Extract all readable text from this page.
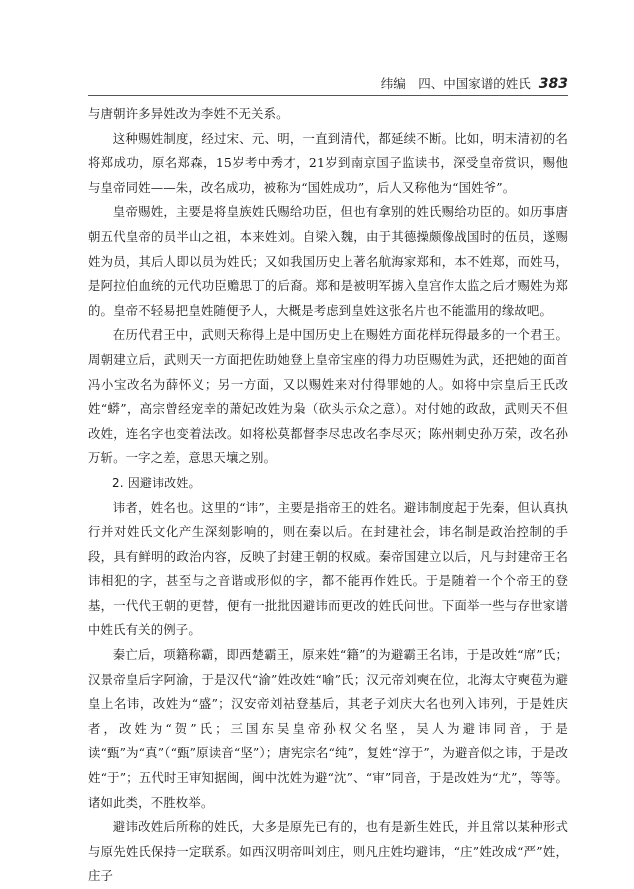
纬编　四、中国家谱的姓氏 383

与唐朝许多异姓改为李姓不无关系。

这种赐姓制度，经过宋、元、明，一直到清代，都延续不断。比如，明末清初的名将郑成功，原名郑森，15岁考中秀才，21岁到南京国子监读书，深受皇帝赏识，赐他与皇帝同姓——朱，改名成功，被称为“国姓成功”，后人又称他为“国姓爷”。

皇帝赐姓，主要是将皇族姓氏赐给功臣，但也有拿别的姓氏赐给功臣的。如历事唐朝五代皇帝的员半山之祖，本来姓刘。自梁入魏，由于其德操颇像战国时的伍员，遂赐姓为员，其后人即以员为姓氏；又如我国历史上著名航海家郑和，本不姓郑，而姓马，是阿拉伯血统的元代功臣赡思丁的后裔。郑和是被明军掳入皇宫作太监之后才赐姓为郑的。皇帝不轻易把皇姓随便予人，大概是考虑到皇姓这张名片也不能滥用的缘故吧。

在历代君王中，武则天称得上是中国历史上在赐姓方面花样玩得最多的一个君王。周朝建立后，武则天一方面把佐助她登上皇帝宝座的得力功臣赐姓为武，还把她的面首冯小宝改名为薛怀义；另一方面，又以赐姓来对付得罪她的人。如将中宗皇后王氏改姓“蟒”，高宗曾经宠幸的萧妃改姓为枭（砍头示众之意）。对付她的政敌，武则天不但改姓，连名字也变着法改。如将松莫都督李尽忠改名李尽灭；陈州刺史孙万荣，改名孙万斩。一字之差，意思天壤之别。

2. 因避讳改姓。

讳者，姓名也。这里的“讳”，主要是指帝王的姓名。避讳制度起于先秦，但认真执行并对姓氏文化产生深刻影响的，则在秦以后。在封建社会，讳名制是政治控制的手段，具有鲜明的政治内容，反映了封建王朝的权威。秦帝国建立以后，凡与封建帝王名讳相犯的字，甚至与之音谐或形似的字，都不能再作姓氏。于是随着一个个帝王的登基，一代代王朝的更替，便有一批批因避讳而更改的姓氏问世。下面举一些与存世家谱中姓氏有关的例子。

秦亡后，项籍称霸，即西楚霸王，原来姓“籍”的为避霸王名讳，于是改姓“席”氏；汉景帝皇后字阿渝，于是汉代“渝”姓改姓“喻”氏；汉元帝刘奭在位，北海太守奭苞为避皇上名讳，改姓为“盛”；汉安帝刘祜登基后，其老子刘庆大名也列入讳列，于是姓庆者，改姓为“贺”氏；三国东吴皇帝孙权父名坚，吴人为避讳同音，于是读“甄”为“真”（“甄”原读音“坚”）；唐宪宗名“纯”，复姓“淳于”，为避音似之讳，于是改姓“于”；五代时王审知据闽，闽中沈姓为避“沈”、“审”同音，于是改姓为“尤”，等等。诸如此类，不胜枚举。

避讳改姓后所称的姓氏，大多是原先已有的，也有是新生姓氏，并且常以某种形式与原先姓氏保持一定联系。如西汉明帝叫刘庄，则凡庄姓均避讳，“庄”姓改成“严”姓，庄子
